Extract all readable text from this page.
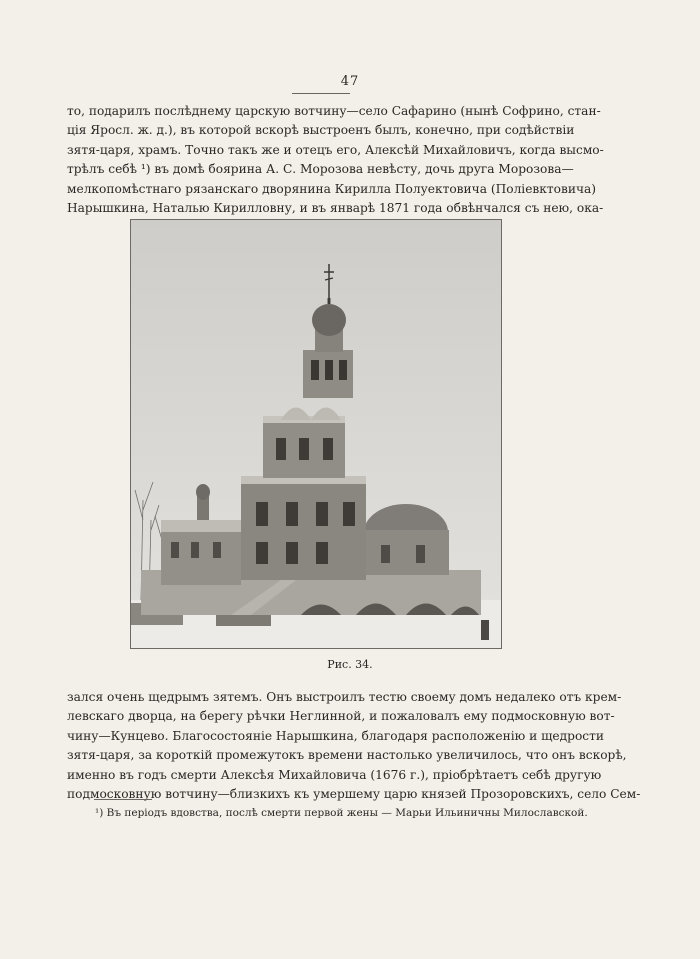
47
то, подарилъ послѣднему царскую вотчину—село Сафарино (нынѣ Софрино, стан-
ція Яросл. ж. д.), въ которой вскорѣ выстроенъ былъ, конечно, при содѣйствіи
зятя-царя, храмъ. Точно такъ же и отецъ его, Алексѣй Михайловичъ, когда высмо-
трѣлъ себѣ ¹) въ домѣ боярина А. С. Морозова невѣсту, дочь друга Морозова—
мелкопомѣстнаго рязанскаго дворянина Кирилла Полуектовича (Поліевктовича)
Нарышкина, Наталью Кирилловну, и въ январѣ 1871 года обвѣнчался съ нею, ока-
Рис. 34.
зался очень щедрымъ зятемъ. Онъ выстроилъ тестю своему домъ недалеко отъ крем-
левскаго дворца, на берегу рѣчки Неглинной, и пожаловалъ ему подмосковную вот-
чину—Кунцево. Благосостояніе Нарышкина, благодаря расположенію и щедрости
зятя-царя, за короткій промежутокъ времени настолько увеличилось, что онъ вскорѣ,
именно въ годъ смерти Алексѣя Михайловича (1676 г.), пріобрѣтаетъ себѣ другую
подмосковную вотчину—близкихъ къ умершему царю князей Прозоровскихъ, село Сем-
¹) Въ періодъ вдовства, послѣ смерти первой жены — Марьи Ильиничны Милославской.
